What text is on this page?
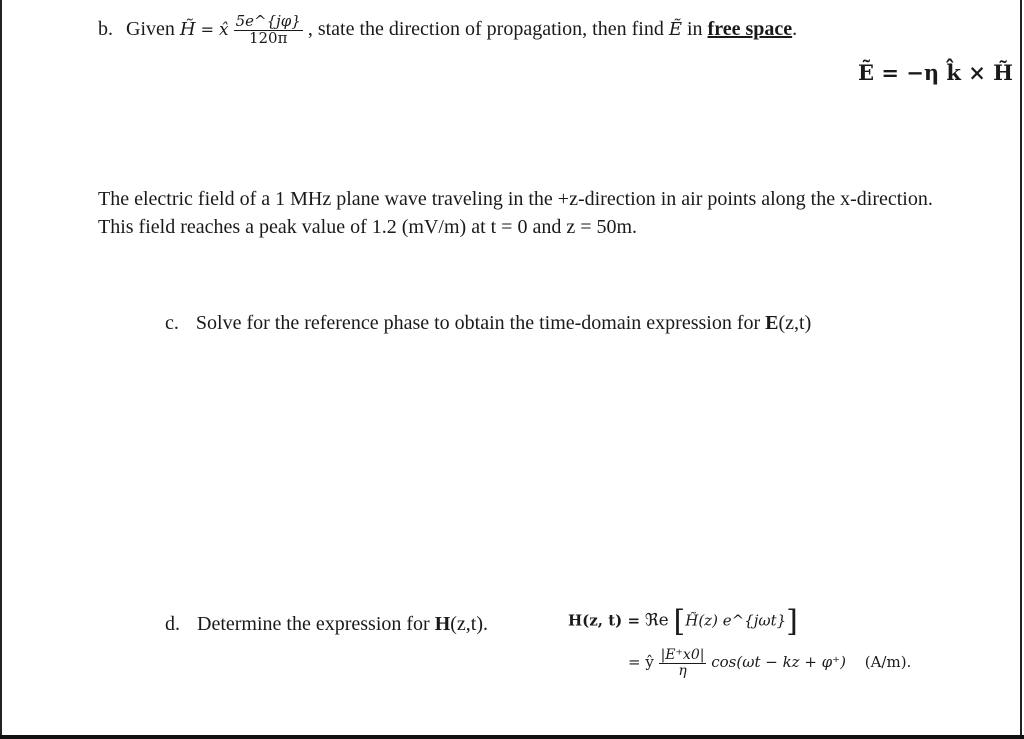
b. Given H̃ = x̂ $\frac{5e\^{}\{j\varphi\}}{120\pi}$ , state the direction of propagation, then find Ẽ in free space.
Ẽ = −η k̂ × H̃
The electric field of a 1 MHz plane wave traveling in the +z-direction in air points along the x-direction.
This field reaches a peak value of 1.2 (mV/m) at t = 0 and z = 50m.
c. Solve for the reference phase to obtain the time-domain expression for E(z,t)
d. Determine the expression for H(z,t).	H(z, t) = ℜe [H̃(z) e^{jωt}]
= ŷ $\frac{|E^+x0|}{\eta} \cos(\omega t$ − kz + φ⁺) (A/m).
